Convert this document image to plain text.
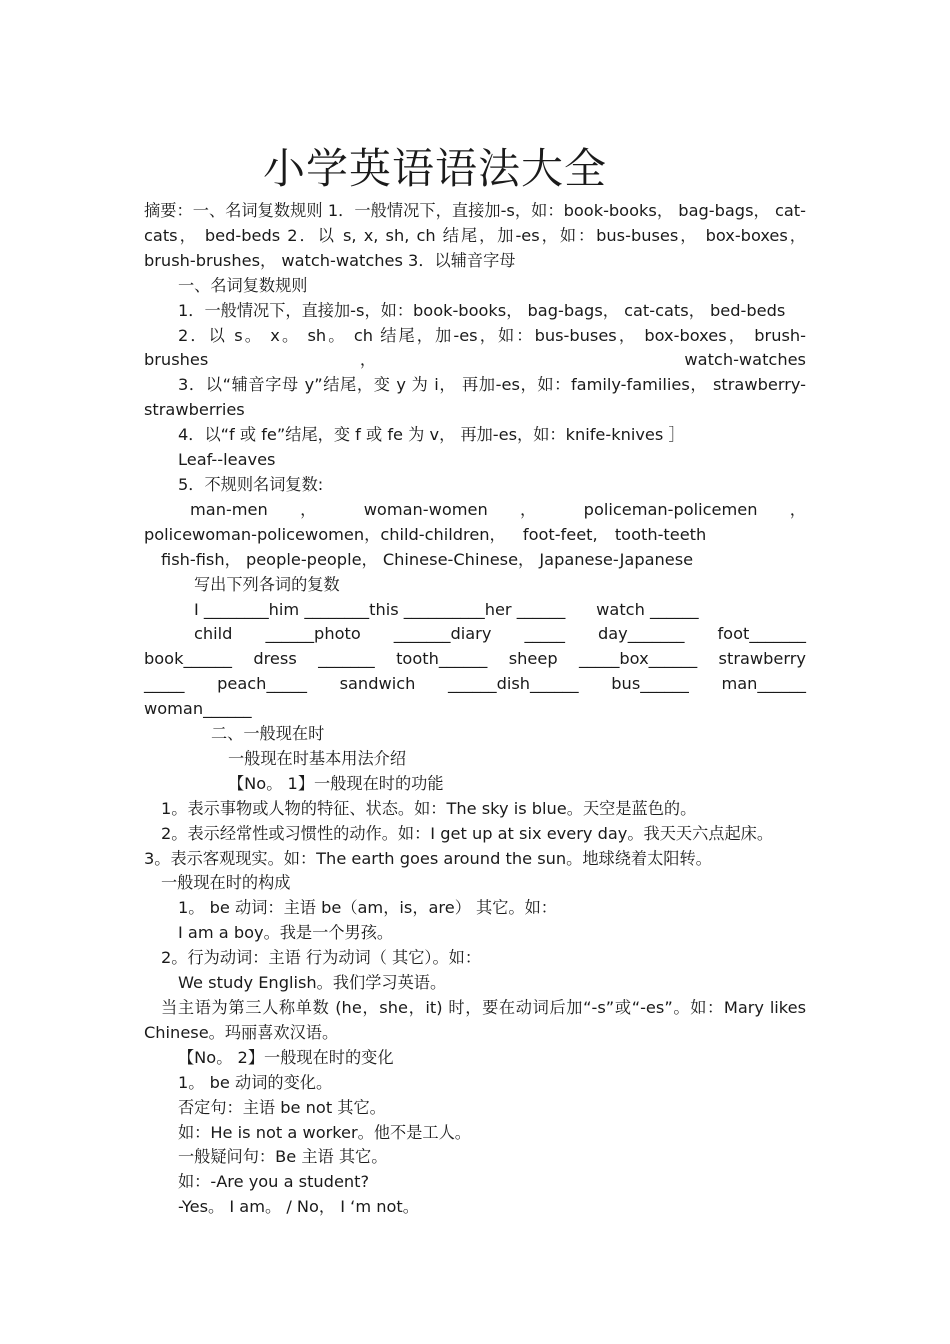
小学英语语法大全

摘要：一、名词复数规则 1．一般情况下，直接加-s，如：book-books， bag-bags， cat-cats， bed-beds 2．以 s, x, sh, ch 结尾，加-es，如：bus-buses， box-boxes， brush-brushes， watch-watches 3．以辅音字母

一、名词复数规则

1．一般情况下，直接加-s，如：book-books， bag-bags， cat-cats， bed-beds

2．以 s。 x。 sh。 ch 结尾，加-es，如：bus-buses， box-boxes， brush-brushes， watch-watches

3．以“辅音字母 y”结尾，变 y 为 i， 再加-es，如：family-families， strawberry-strawberries

4．以“f 或 fe”结尾，变 f 或 fe 为 v， 再加-es，如：knife-knives ］

Leaf--leaves

5．不规则名词复数:

man-men ， woman-women ， policeman-policemen ， policewoman-policewomen，child-children， foot-feet, tooth-teeth

fish-fish， people-people， Chinese-Chinese， Japanese-Japanese

写出下列各词的复数

I ________him ________this __________her ______      watch ______

child ______photo _______diary _____ day_______ foot_______ book______ dress _______ tooth______ sheep _____box______ strawberry _____ peach_____ sandwich ______dish______ bus______ man______ woman______

二、一般现在时

一般现在时基本用法介绍

【No。 1】一般现在时的功能

1。表示事物或人物的特征、状态。如：The sky is blue。天空是蓝色的。

2。表示经常性或习惯性的动作。如：I get up at six every day。我天天六点起床。

3。表示客观现实。如：The earth goes around the sun。地球绕着太阳转。

一般现在时的构成

1。 be 动词：主语 be（am，is，are） 其它。如：

I am a boy。我是一个男孩。

2。行为动词：主语 行为动词（ 其它）。如：

We study English。我们学习英语。

当主语为第三人称单数 (he，she，it) 时，要在动词后加“-s”或“-es”。如：Mary likes Chinese。玛丽喜欢汉语。

【No。 2】一般现在时的变化

1。 be 动词的变化。

否定句：主语 be not 其它。

如：He is not a worker。他不是工人。

一般疑问句：Be 主语 其它。

如：-Are you a student?

-Yes。 I am。 / No， I ‘m not。
